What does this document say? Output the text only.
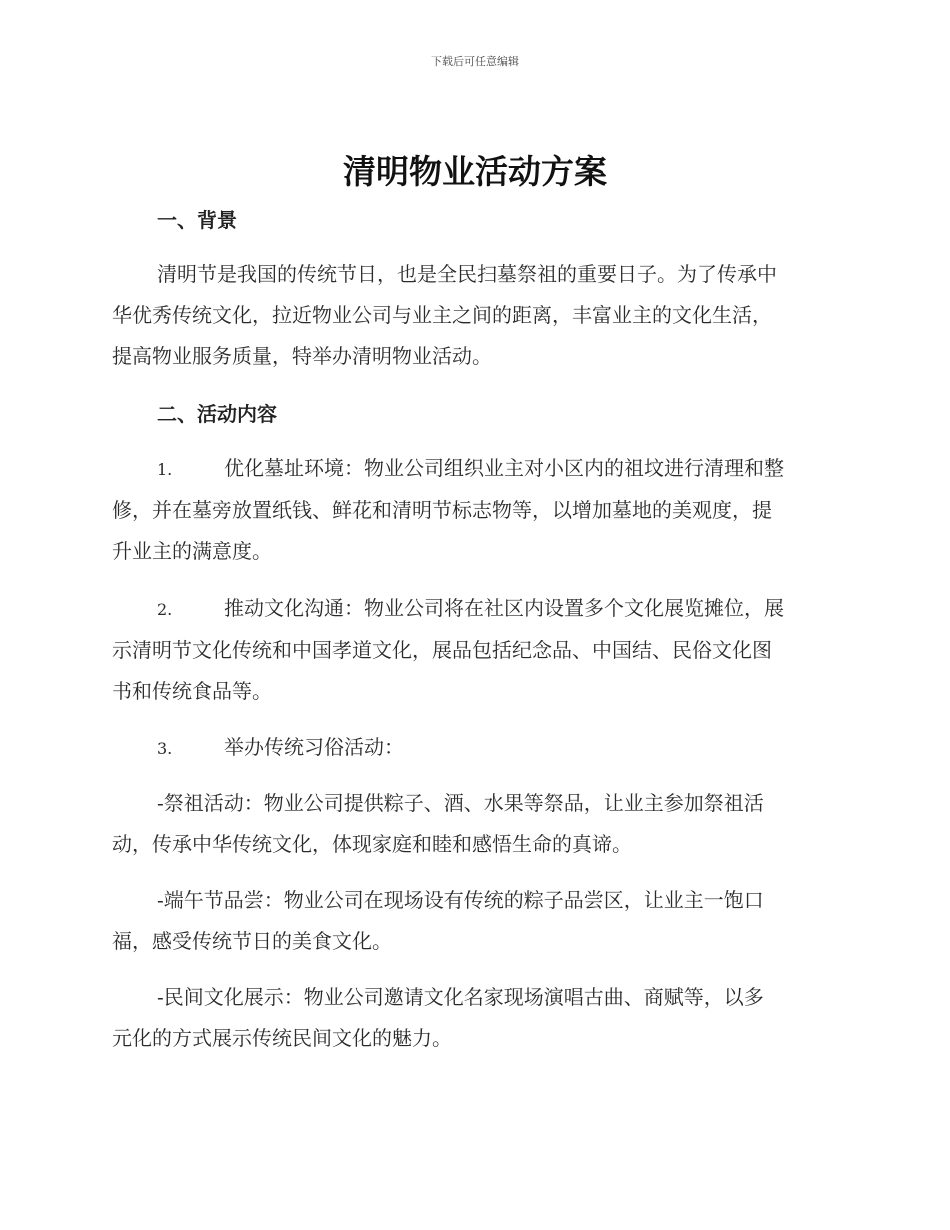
下载后可任意编辑
清明物业活动方案
一、背景
清明节是我国的传统节日，也是全民扫墓祭祖的重要日子。为了传承中
华优秀传统文化，拉近物业公司与业主之间的距离，丰富业主的文化生活，
提高物业服务质量，特举办清明物业活动。
二、活动内容
1.	优化墓址环境：物业公司组织业主对小区内的祖坟进行清理和整
修，并在墓旁放置纸钱、鲜花和清明节标志物等，以增加墓地的美观度，提
升业主的满意度。
2.	推动文化沟通：物业公司将在社区内设置多个文化展览摊位，展
示清明节文化传统和中国孝道文化，展品包括纪念品、中国结、民俗文化图
书和传统食品等。
3.	举办传统习俗活动：
-祭祖活动：物业公司提供粽子、酒、水果等祭品，让业主参加祭祖活
动，传承中华传统文化，体现家庭和睦和感悟生命的真谛。
-端午节品尝：物业公司在现场设有传统的粽子品尝区，让业主一饱口
福，感受传统节日的美食文化。
-民间文化展示：物业公司邀请文化名家现场演唱古曲、商赋等，以多
元化的方式展示传统民间文化的魅力。
